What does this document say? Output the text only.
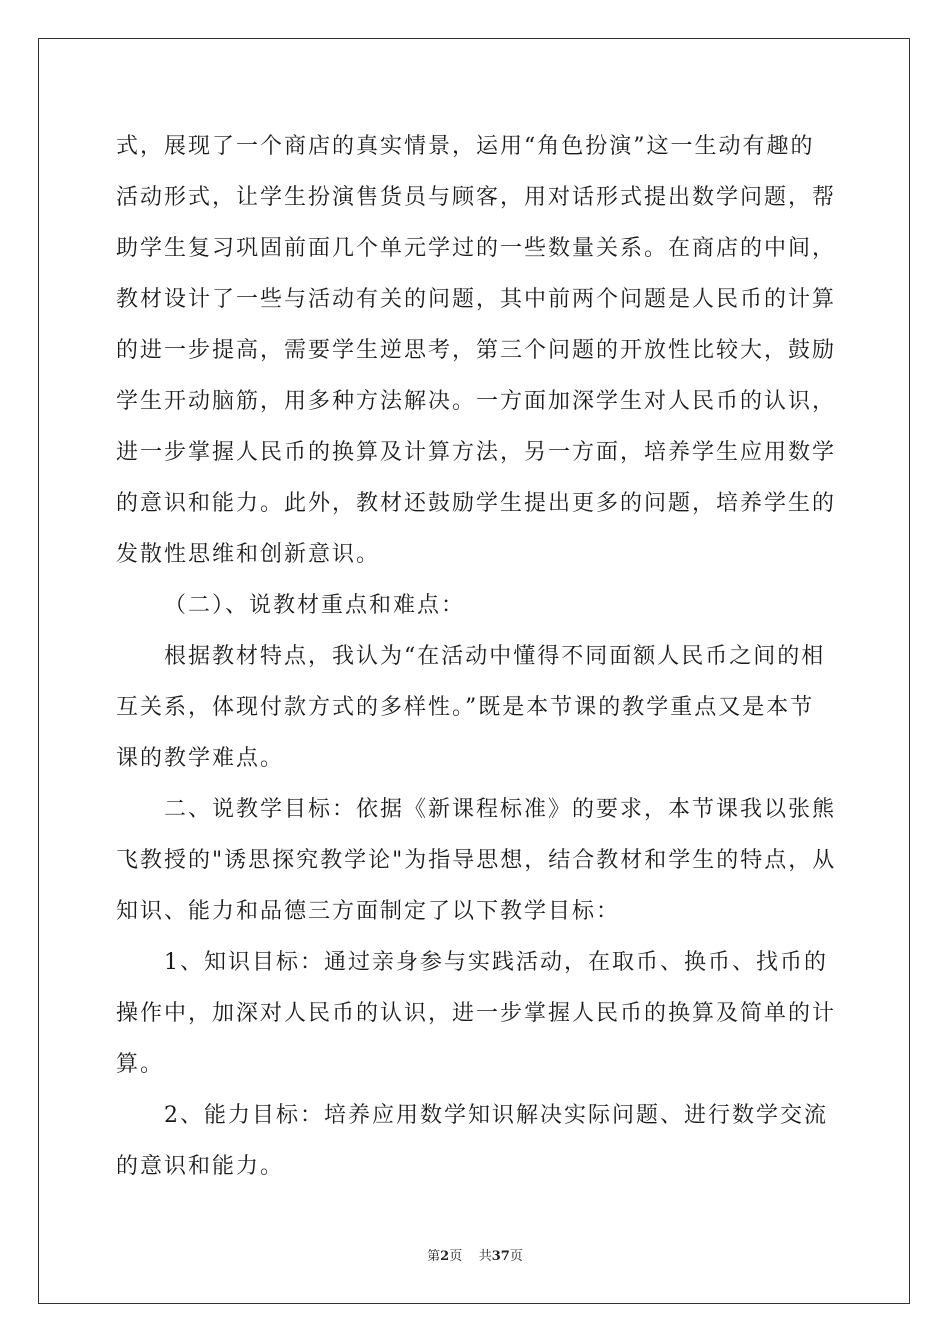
式，展现了一个商店的真实情景，运用“角色扮演”这一生动有趣的
活动形式，让学生扮演售货员与顾客，用对话形式提出数学问题，帮
助学生复习巩固前面几个单元学过的一些数量关系。在商店的中间，
教材设计了一些与活动有关的问题，其中前两个问题是人民币的计算
的进一步提高，需要学生逆思考，第三个问题的开放性比较大，鼓励
学生开动脑筋，用多种方法解决。一方面加深学生对人民币的认识，
进一步掌握人民币的换算及计算方法，另一方面，培养学生应用数学
的意识和能力。此外，教材还鼓励学生提出更多的问题，培养学生的
发散性思维和创新意识。
（二）、说教材重点和难点：
根据教材特点，我认为“在活动中懂得不同面额人民币之间的相
互关系，体现付款方式的多样性。”既是本节课的教学重点又是本节
课的教学难点。
二、说教学目标：依据《新课程标准》的要求，本节课我以张熊
飞教授的"诱思探究教学论"为指导思想，结合教材和学生的特点，从
知识、能力和品德三方面制定了以下教学目标：
1、知识目标：通过亲身参与实践活动，在取币、换币、找币的
操作中，加深对人民币的认识，进一步掌握人民币的换算及简单的计
算。
2、能力目标：培养应用数学知识解决实际问题、进行数学交流
的意识和能力。
第2页 共37页
